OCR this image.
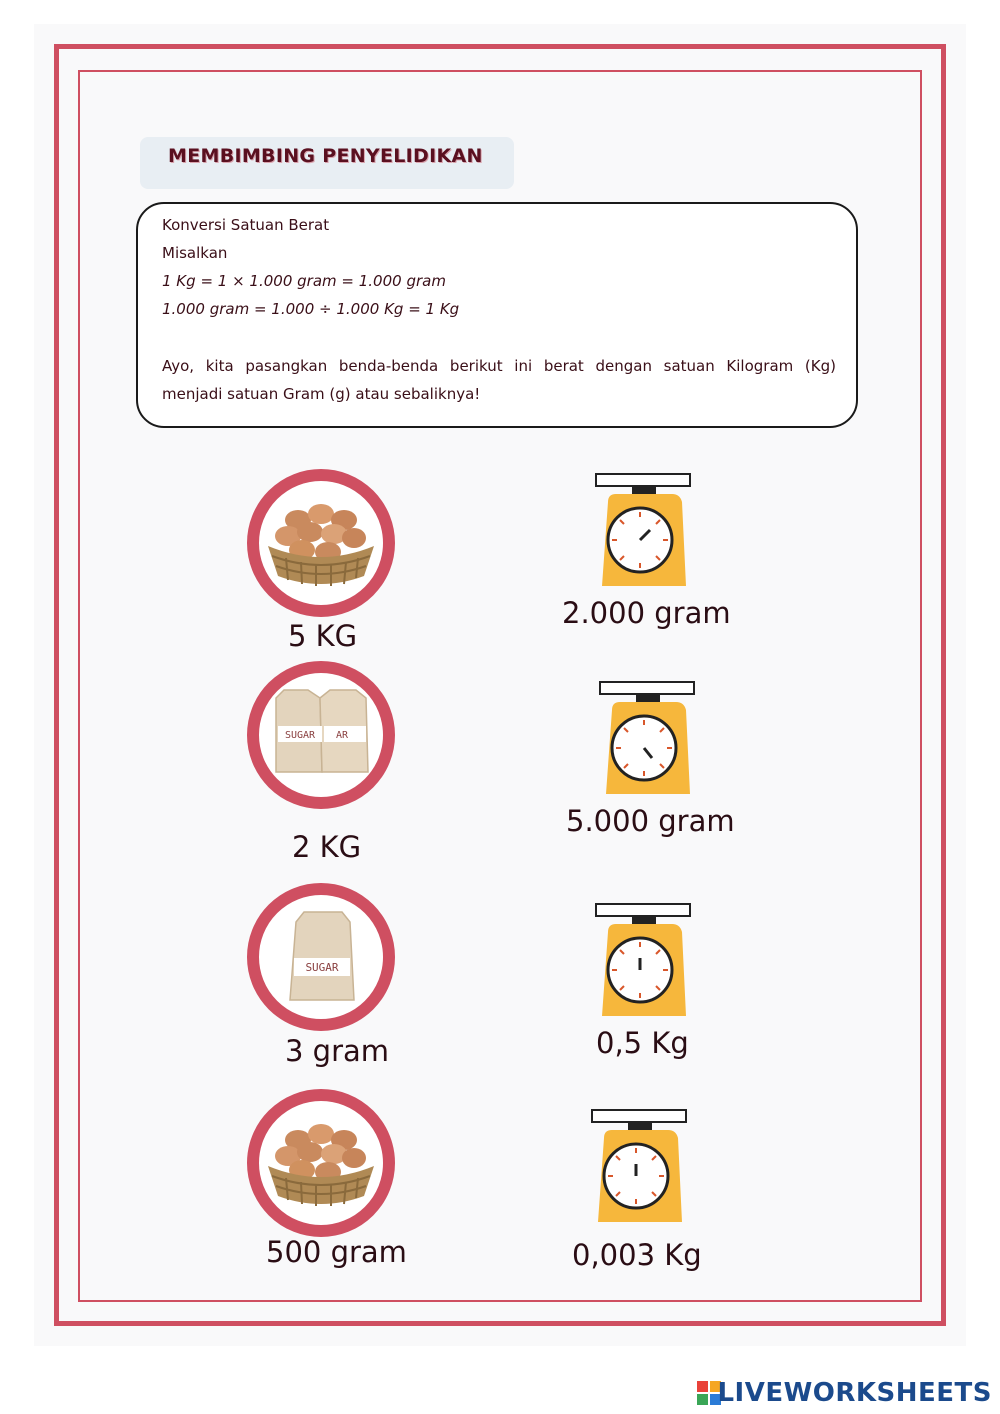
MEMBIMBING PENYELIDIKAN
Konversi Satuan Berat
Misalkan
1 Kg = 1 × 1.000 gram = 1.000 gram
1.000 gram = 1.000 ÷ 1.000 Kg = 1 Kg
Ayo, kita pasangkan benda-benda berikut ini berat dengan satuan Kilogram (Kg)
menjadi satuan Gram (g) atau sebaliknya!
5 KG
SUGAR AR
2 KG
SUGAR
3 gram
500 gram
2.000 gram
5.000 gram
0,5 Kg
0,003 Kg
LIVEWORKSHEETS
